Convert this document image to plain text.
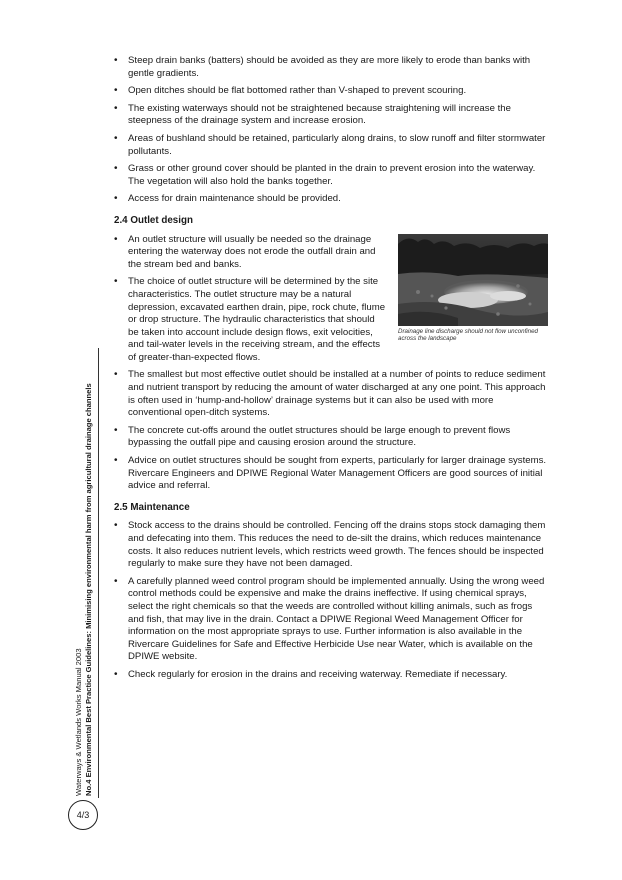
• Steep drain banks (batters) should be avoided as they are more likely to erode than banks with gentle gradients.
• Open ditches should be flat bottomed rather than V-shaped to prevent scouring.
• The existing waterways should not be straightened because straightening will increase the steepness of the drainage system and increase erosion.
• Areas of bushland should be retained, particularly along drains, to slow runoff and filter stormwater pollutants.
• Grass or other ground cover should be planted in the drain to prevent erosion into the waterway. The vegetation will also hold the banks together.
• Access for drain maintenance should be provided.
2.4 Outlet design
Drainage line discharge should not flow unconfined across the landscape
• An outlet structure will usually be needed so the drainage entering the waterway does not erode the outfall drain and the stream bed and banks.
• The choice of outlet structure will be determined by the site characteristics. The outlet structure may be a natural depression, excavated earthen drain, pipe, rock chute, flume or drop structure. The hydraulic characteristics that should be taken into account include design flows, exit velocities, and tail-water levels in the receiving stream, and the effects of greater-than-expected flows.
• The smallest but most effective outlet should be installed at a number of points to reduce sediment and nutrient transport by reducing the amount of water discharged at any one point. This approach is often used in ‘hump-and-hollow’ drainage systems but it can also be used with more conventional open-ditch systems.
• The concrete cut-offs around the outlet structures should be large enough to prevent flows bypassing the outfall pipe and causing erosion around the structure.
• Advice on outlet structures should be sought from experts, particularly for larger drainage systems. Rivercare Engineers and DPIWE Regional Water Management Officers are good sources of initial advice and referral.
2.5 Maintenance
• Stock access to the drains should be controlled. Fencing off the drains stops stock damaging them and defecating into them. This reduces the need to de-silt the drains, which reduces maintenance costs. It also reduces nutrient levels, which restricts weed growth. The fences should be inspected regularly to make sure they have not been damaged.
• A carefully planned weed control program should be implemented annually. Using the wrong weed control methods could be expensive and make the drains ineffective. If using chemical sprays, select the right chemicals so that the weeds are controlled without killing animals, such as frogs and fish, that may live in the drain. Contact a DPIWE Regional Weed Management Officer for information on the most appropriate sprays to use. Further information is also available in the Rivercare Guidelines for Safe and Effective Herbicide Use near Water, which is available on the DPIWE website.
• Check regularly for erosion in the drains and receiving waterway. Remediate if necessary.
Waterways & Wetlands Works Manual 2003 No.4 Environmental Best Practice Guidelines: Minimising environmental harm from agricultural drainage channels
4/3
